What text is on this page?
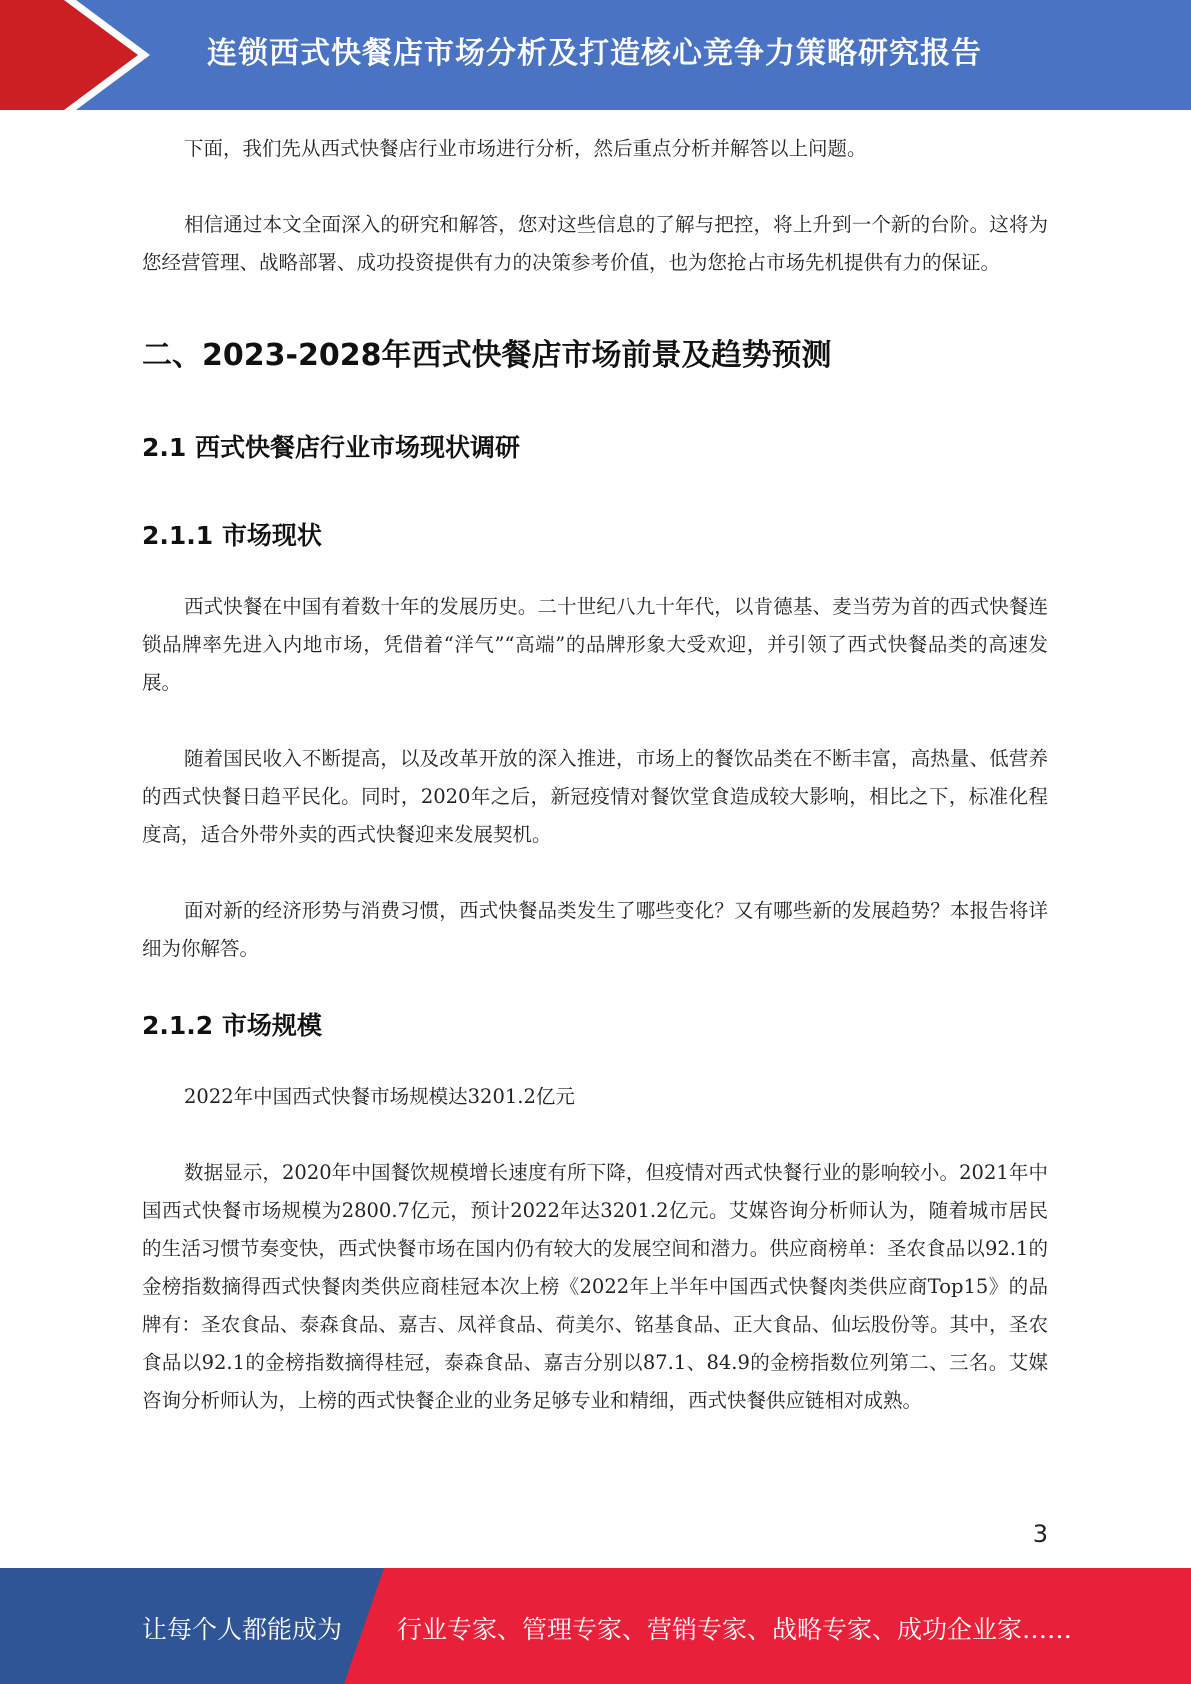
连锁西式快餐店市场分析及打造核心竞争力策略研究报告

下面，我们先从西式快餐店行业市场进行分析，然后重点分析并解答以上问题。

相信通过本文全面深入的研究和解答，您对这些信息的了解与把控，将上升到一个新的台阶。这将为您经营管理、战略部署、成功投资提供有力的决策参考价值，也为您抢占市场先机提供有力的保证。

二、2023-2028年西式快餐店市场前景及趋势预测
2.1 西式快餐店行业市场现状调研
2.1.1 市场现状

西式快餐在中国有着数十年的发展历史。二十世纪八九十年代，以肯德基、麦当劳为首的西式快餐连锁品牌率先进入内地市场，凭借着“洋气”“高端”的品牌形象大受欢迎，并引领了西式快餐品类的高速发展。

随着国民收入不断提高，以及改革开放的深入推进，市场上的餐饮品类在不断丰富，高热量、低营养的西式快餐日趋平民化。同时，2020年之后，新冠疫情对餐饮堂食造成较大影响，相比之下，标准化程度高，适合外带外卖的西式快餐迎来发展契机。

面对新的经济形势与消费习惯，西式快餐品类发生了哪些变化？又有哪些新的发展趋势？本报告将详细为你解答。

2.1.2 市场规模

2022年中国西式快餐市场规模达3201.2亿元

数据显示，2020年中国餐饮规模增长速度有所下降，但疫情对西式快餐行业的影响较小。2021年中国西式快餐市场规模为2800.7亿元，预计2022年达3201.2亿元。艾媒咨询分析师认为，随着城市居民的生活习惯节奏变快，西式快餐市场在国内仍有较大的发展空间和潜力。供应商榜单：圣农食品以92.1的金榜指数摘得西式快餐肉类供应商桂冠本次上榜《2022年上半年中国西式快餐肉类供应商Top15》的品牌有：圣农食品、泰森食品、嘉吉、凤祥食品、荷美尔、铭基食品、正大食品、仙坛股份等。其中，圣农食品以92.1的金榜指数摘得桂冠，泰森食品、嘉吉分别以87.1、84.9的金榜指数位列第二、三名。艾媒咨询分析师认为，上榜的西式快餐企业的业务足够专业和精细，西式快餐供应链相对成熟。

3
让每个人都能成为 行业专家、管理专家、营销专家、战略专家、成功企业家……
